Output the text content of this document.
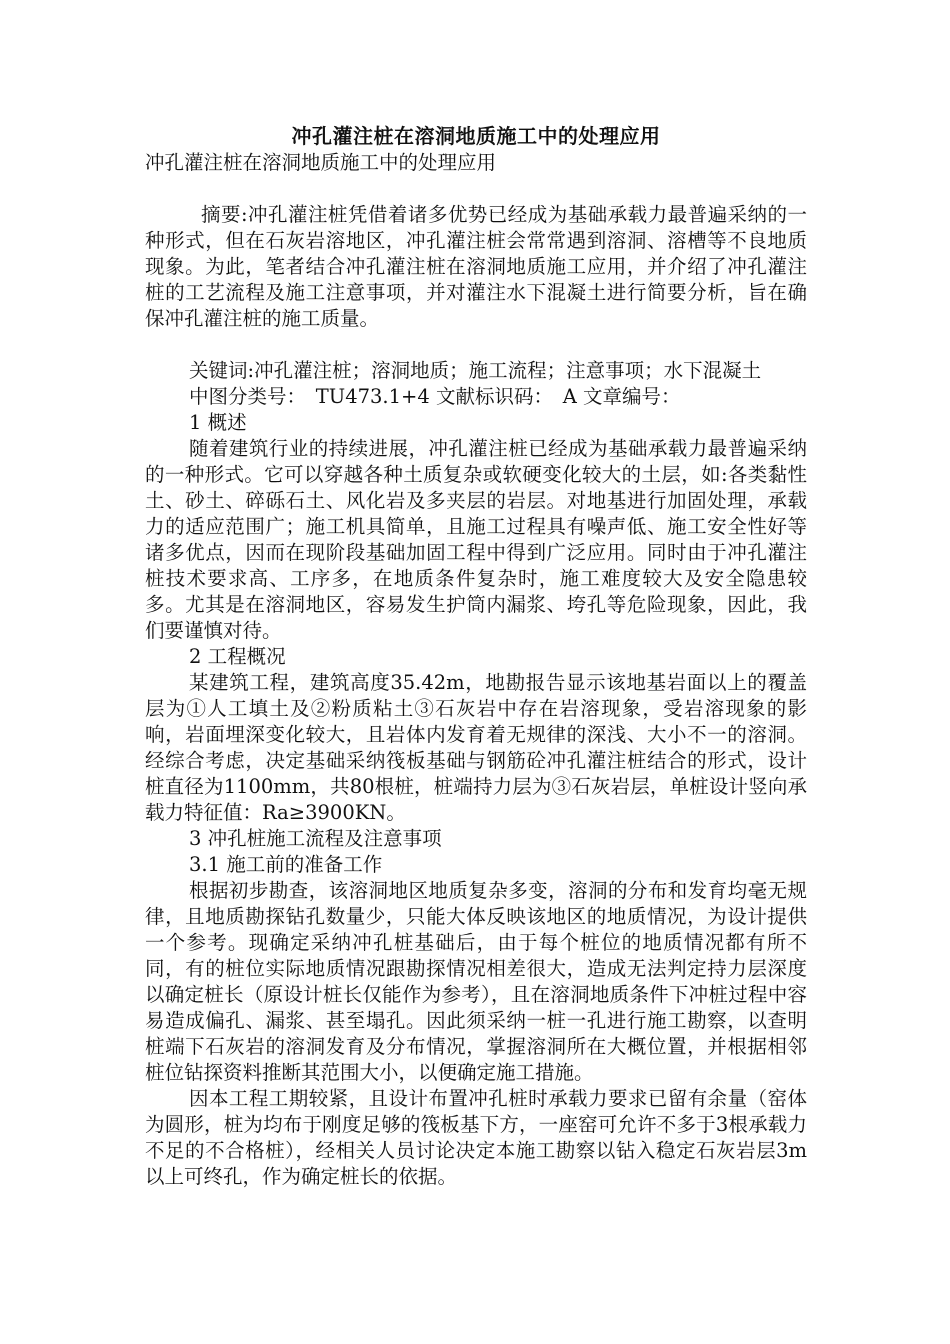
冲孔灌注桩在溶洞地质施工中的处理应用

冲孔灌注桩在溶洞地质施工中的处理应用

摘要:冲孔灌注桩凭借着诸多优势已经成为基础承载力最普遍采纳的一种形式，但在石灰岩溶地区，冲孔灌注桩会常常遇到溶洞、溶槽等不良地质现象。为此，笔者结合冲孔灌注桩在溶洞地质施工应用，并介绍了冲孔灌注桩的工艺流程及施工注意事项，并对灌注水下混凝土进行简要分析，旨在确保冲孔灌注桩的施工质量。

关键词:冲孔灌注桩；溶洞地质；施工流程；注意事项；水下混凝土

中图分类号：　TU473.1+4 文献标识码：　A 文章编号：

1 概述

随着建筑行业的持续进展，冲孔灌注桩已经成为基础承载力最普遍采纳的一种形式。它可以穿越各种土质复杂或软硬变化较大的土层，如:各类黏性土、砂土、碎砾石土、风化岩及多夹层的岩层。对地基进行加固处理，承载力的适应范围广；施工机具简单，且施工过程具有噪声低、施工安全性好等诸多优点，因而在现阶段基础加固工程中得到广泛应用。同时由于冲孔灌注桩技术要求高、工序多，在地质条件复杂时，施工难度较大及安全隐患较多。尤其是在溶洞地区，容易发生护筒内漏浆、垮孔等危险现象，因此，我们要谨慎对待。

2 工程概况

某建筑工程，建筑高度35.42m，地勘报告显示该地基岩面以上的覆盖层为①人工填土及②粉质粘土③石灰岩中存在岩溶现象，受岩溶现象的影响，岩面埋深变化较大，且岩体内发育着无规律的深浅、大小不一的溶洞。经综合考虑，决定基础采纳筏板基础与钢筋砼冲孔灌注桩结合的形式，设计桩直径为1100mm，共80根桩，桩端持力层为③石灰岩层，单桩设计竖向承载力特征值：Ra≥3900KN。

3 冲孔桩施工流程及注意事项

3.1 施工前的准备工作

根据初步勘查，该溶洞地区地质复杂多变，溶洞的分布和发育均毫无规律，且地质勘探钻孔数量少，只能大体反映该地区的地质情况，为设计提供一个参考。现确定采纳冲孔桩基础后，由于每个桩位的地质情况都有所不同，有的桩位实际地质情况跟勘探情况相差很大，造成无法判定持力层深度以确定桩长（原设计桩长仅能作为参考），且在溶洞地质条件下冲桩过程中容易造成偏孔、漏浆、甚至塌孔。因此须采纳一桩一孔进行施工勘察，以查明桩端下石灰岩的溶洞发育及分布情况，掌握溶洞所在大概位置，并根据相邻桩位钻探资料推断其范围大小，以便确定施工措施。

因本工程工期较紧，且设计布置冲孔桩时承载力要求已留有余量（窑体为圆形，桩为均布于刚度足够的筏板基下方，一座窑可允许不多于3根承载力不足的不合格桩），经相关人员讨论决定本施工勘察以钻入稳定石灰岩层3m以上可终孔，作为确定桩长的依据。
